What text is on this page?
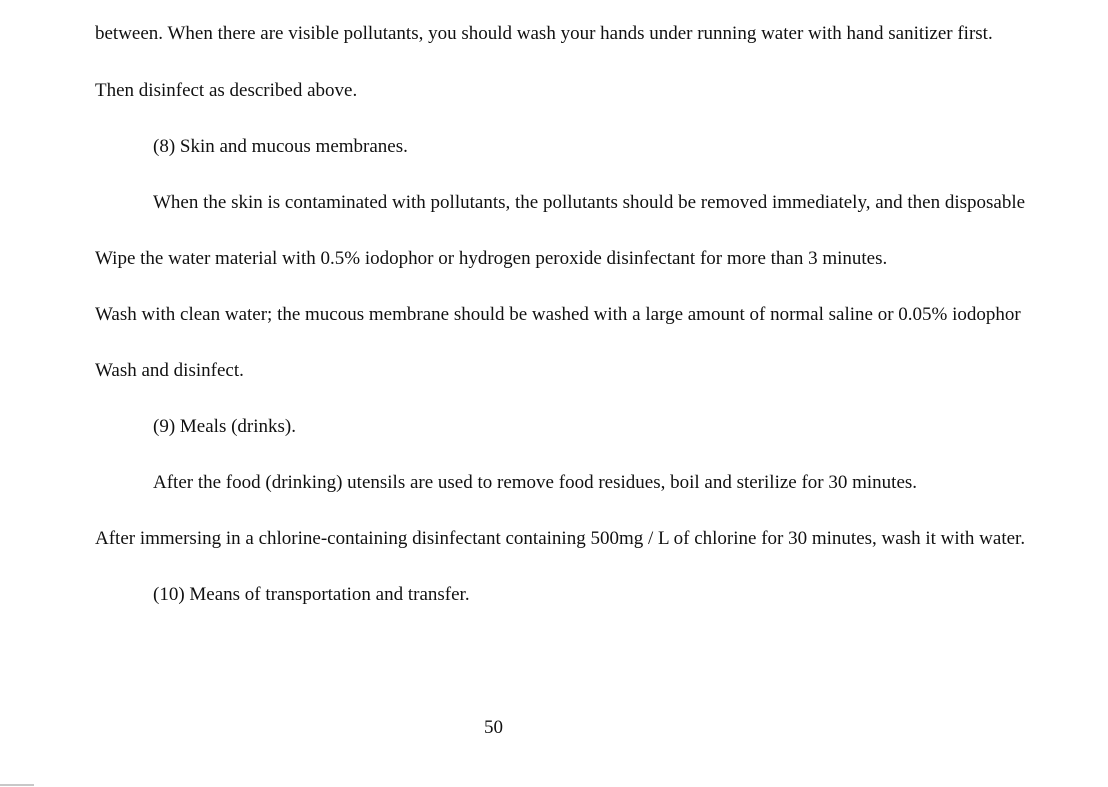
between. When there are visible pollutants, you should wash your hands under running water with hand sanitizer first.
Then disinfect as described above.
(8) Skin and mucous membranes.
When the skin is contaminated with pollutants, the pollutants should be removed immediately, and then disposable
Wipe the water material with 0.5% iodophor or hydrogen peroxide disinfectant for more than 3 minutes.
Wash with clean water; the mucous membrane should be washed with a large amount of normal saline or 0.05% iodophor
Wash and disinfect.
(9) Meals (drinks).
After the food (drinking) utensils are used to remove food residues, boil and sterilize for 30 minutes.
After immersing in a chlorine-containing disinfectant containing 500mg / L of chlorine for 30 minutes, wash it with water.
(10) Means of transportation and transfer.
50
